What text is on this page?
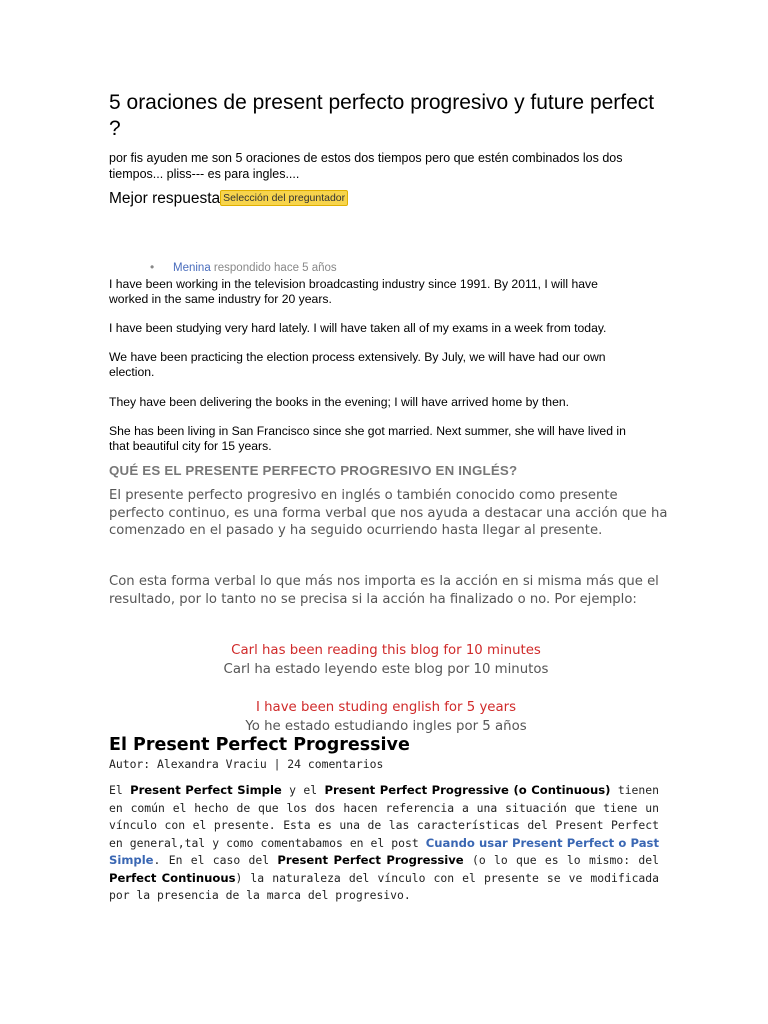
5 oraciones de present perfecto progresivo y future perfect ?
por fis ayuden me son 5 oraciones de estos dos tiempos pero que estén combinados los dos tiempos... pliss--- es para ingles....
Mejor respuesta Selección del preguntador
• Menina respondido hace 5 años

I have been working in the television broadcasting industry since 1991. By 2011, I will have worked in the same industry for 20 years.

I have been studying very hard lately. I will have taken all of my exams in a week from today.

We have been practicing the election process extensively. By July, we will have had our own election.

They have been delivering the books in the evening; I will have arrived home by then.

She has been living in San Francisco since she got married. Next summer, she will have lived in that beautiful city for 15 years.

QUÉ ES EL PRESENTE PERFECTO PROGRESIVO EN INGLÉS?

El presente perfecto progresivo en inglés o también conocido como presente perfecto continuo, es una forma verbal que nos ayuda a destacar una acción que ha comenzado en el pasado y ha seguido ocurriendo hasta llegar al presente.

Con esta forma verbal lo que más nos importa es la acción en si misma más que el resultado, por lo tanto no se precisa si la acción ha finalizado o no. Por ejemplo:

Carl has been reading this blog for 10 minutes

Carl ha estado leyendo este blog por 10 minutos

I have been studing english for 5 years

Yo he estado estudiando ingles por 5 años

El Present Perfect Progressive
Autor: Alexandra Vraciu | 24 comentarios
El Present Perfect Simple y el Present Perfect Progressive (o Continuous) tienen en común el hecho de que los dos hacen referencia a una situación que tiene un vínculo con el presente. Esta es una de las características del Present Perfect en general,tal y como comentabamos en el post Cuando usar Present Perfect o Past Simple. En el caso del Present Perfect Progressive (o lo que es lo mismo: del Perfect Continuous) la naturaleza del vínculo con el presente se ve modificada por la presencia de la marca del progresivo.
